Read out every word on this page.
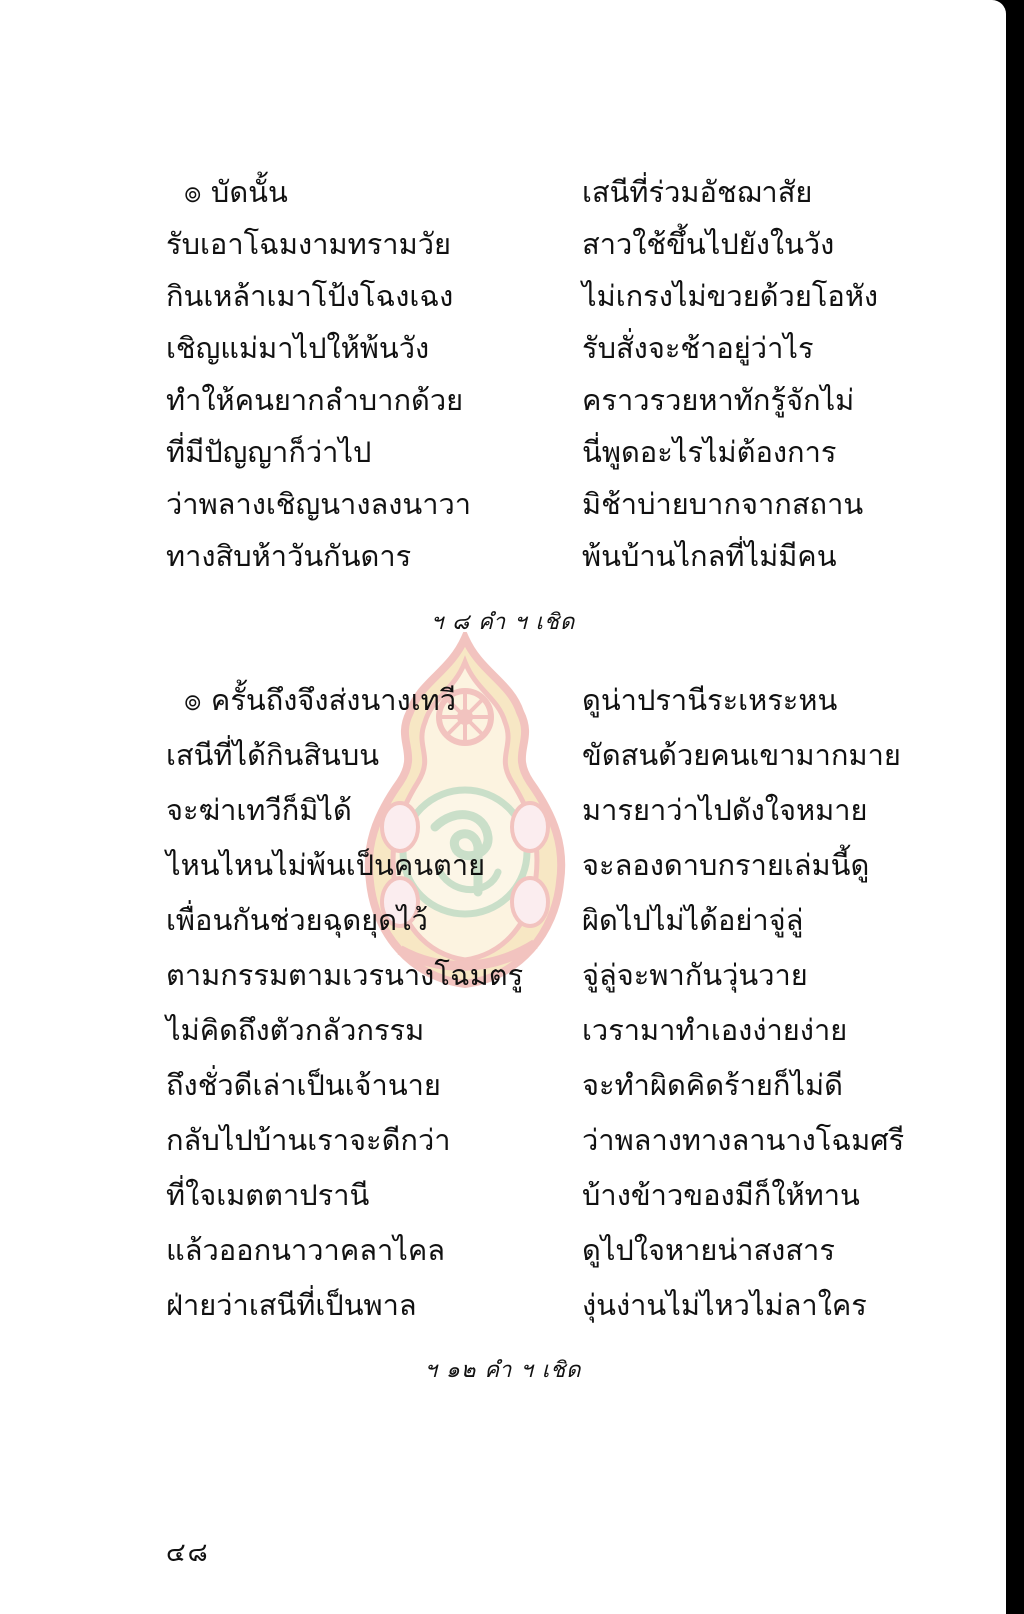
๏ บัดนั้น
รับเอาโฉมงามทรามวัย
กินเหล้าเมาโป้งโฉงเฉง
เชิญแม่มาไปให้พ้นวัง
ทำให้คนยากลำบากด้วย
ที่มีปัญญาก็ว่าไป
ว่าพลางเชิญนางลงนาวา
ทางสิบห้าวันกันดาร
เสนีที่ร่วมอัชฌาสัย
สาวใช้ขึ้นไปยังในวัง
ไม่เกรงไม่ขวยด้วยโอหัง
รับสั่งจะช้าอยู่ว่าไร
คราวรวยหาทักรู้จักไม่
นี่พูดอะไรไม่ต้องการ
มิช้าบ่ายบากจากสถาน
พ้นบ้านไกลที่ไม่มีคน
ฯ ๘ คำ ฯ เชิด
๏ ครั้นถึงจึงส่งนางเทวี
เสนีที่ได้กินสินบน
จะฆ่าเทวีก็มิได้
ไหนไหนไม่พ้นเป็นคนตาย
เพื่อนกันช่วยฉุดยุดไว้
ตามกรรมตามเวรนางโฉมตรู
ไม่คิดถึงตัวกลัวกรรม
ถึงชั่วดีเล่าเป็นเจ้านาย
กลับไปบ้านเราจะดีกว่า
ที่ใจเมตตาปรานี
แล้วออกนาวาคลาไคล
ฝ่ายว่าเสนีที่เป็นพาล
ดูน่าปรานีระเหระหน
ขัดสนด้วยคนเขามากมาย
มารยาว่าไปดังใจหมาย
จะลองดาบกรายเล่มนี้ดู
ผิดไปไม่ได้อย่าจู่ลู่
จู่ลู่จะพากันวุ่นวาย
เวรามาทำเองง่ายง่าย
จะทำผิดคิดร้ายก็ไม่ดี
ว่าพลางทางลานางโฉมศรี
บ้างข้าวของมีก็ให้ทาน
ดูไปใจหายน่าสงสาร
งุ่นง่านไม่ไหวไม่ลาใคร
ฯ ๑๒ คำ ฯ เชิด
๔๘
